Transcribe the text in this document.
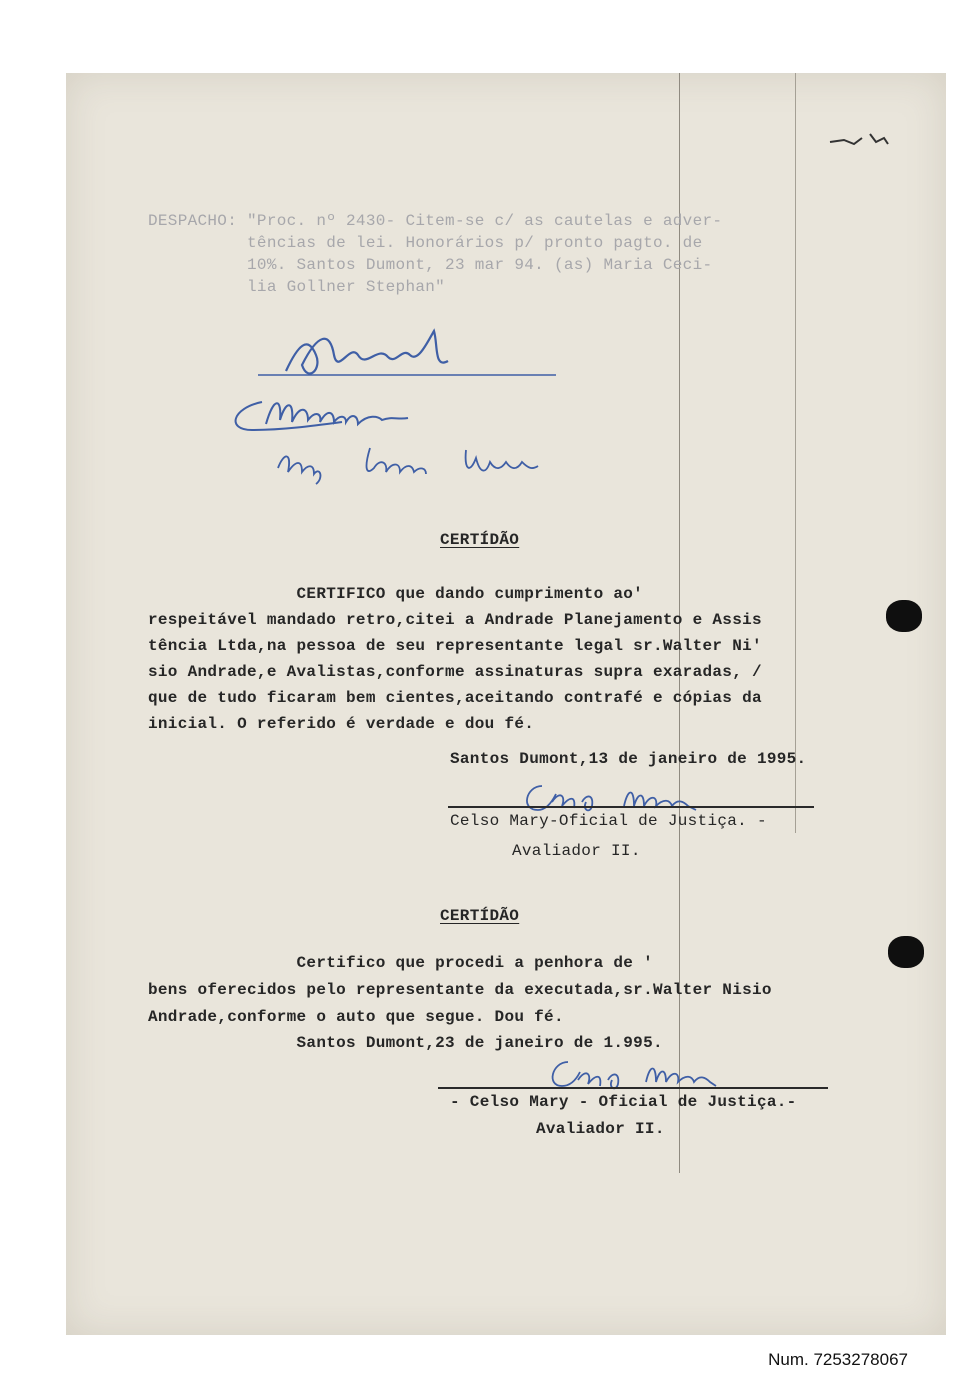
DESPACHO: "Proc. nº 2430- Citem-se c/ as cautelas e adver-
tências de lei. Honorários p/ pronto pagto. de
10%. Santos Dumont, 23 mar 94. (as) Maria Ceci-
lia Gollner Stephan"
Luiz Sergio Martins
CERTÍDÃO
CERTIFICO que dando cumprimento ao'
respeitável mandado retro,citei a Andrade Planejamento e Assis
tência Ltda,na pessoa de seu representante legal sr.Walter Ni'
sio Andrade,e Avalistas,conforme assinaturas supra exaradas, /
que de tudo ficaram bem cientes,aceitando contrafé e cópias da
inicial. O referido é verdade e dou fé.
Santos Dumont,13 de janeiro de 1995.
Celso Mary-Oficial de Justiça. -
Avaliador II.
CERTÍDÃO
Certifico que procedi a penhora de '
bens oferecidos pelo representante da executada,sr.Walter Nisio
Andrade,conforme o auto que segue. Dou fé.
Santos Dumont,23 de janeiro de 1.995.
- Celso Mary - Oficial de Justiça.-
Avaliador II.
Num. 7253278067
